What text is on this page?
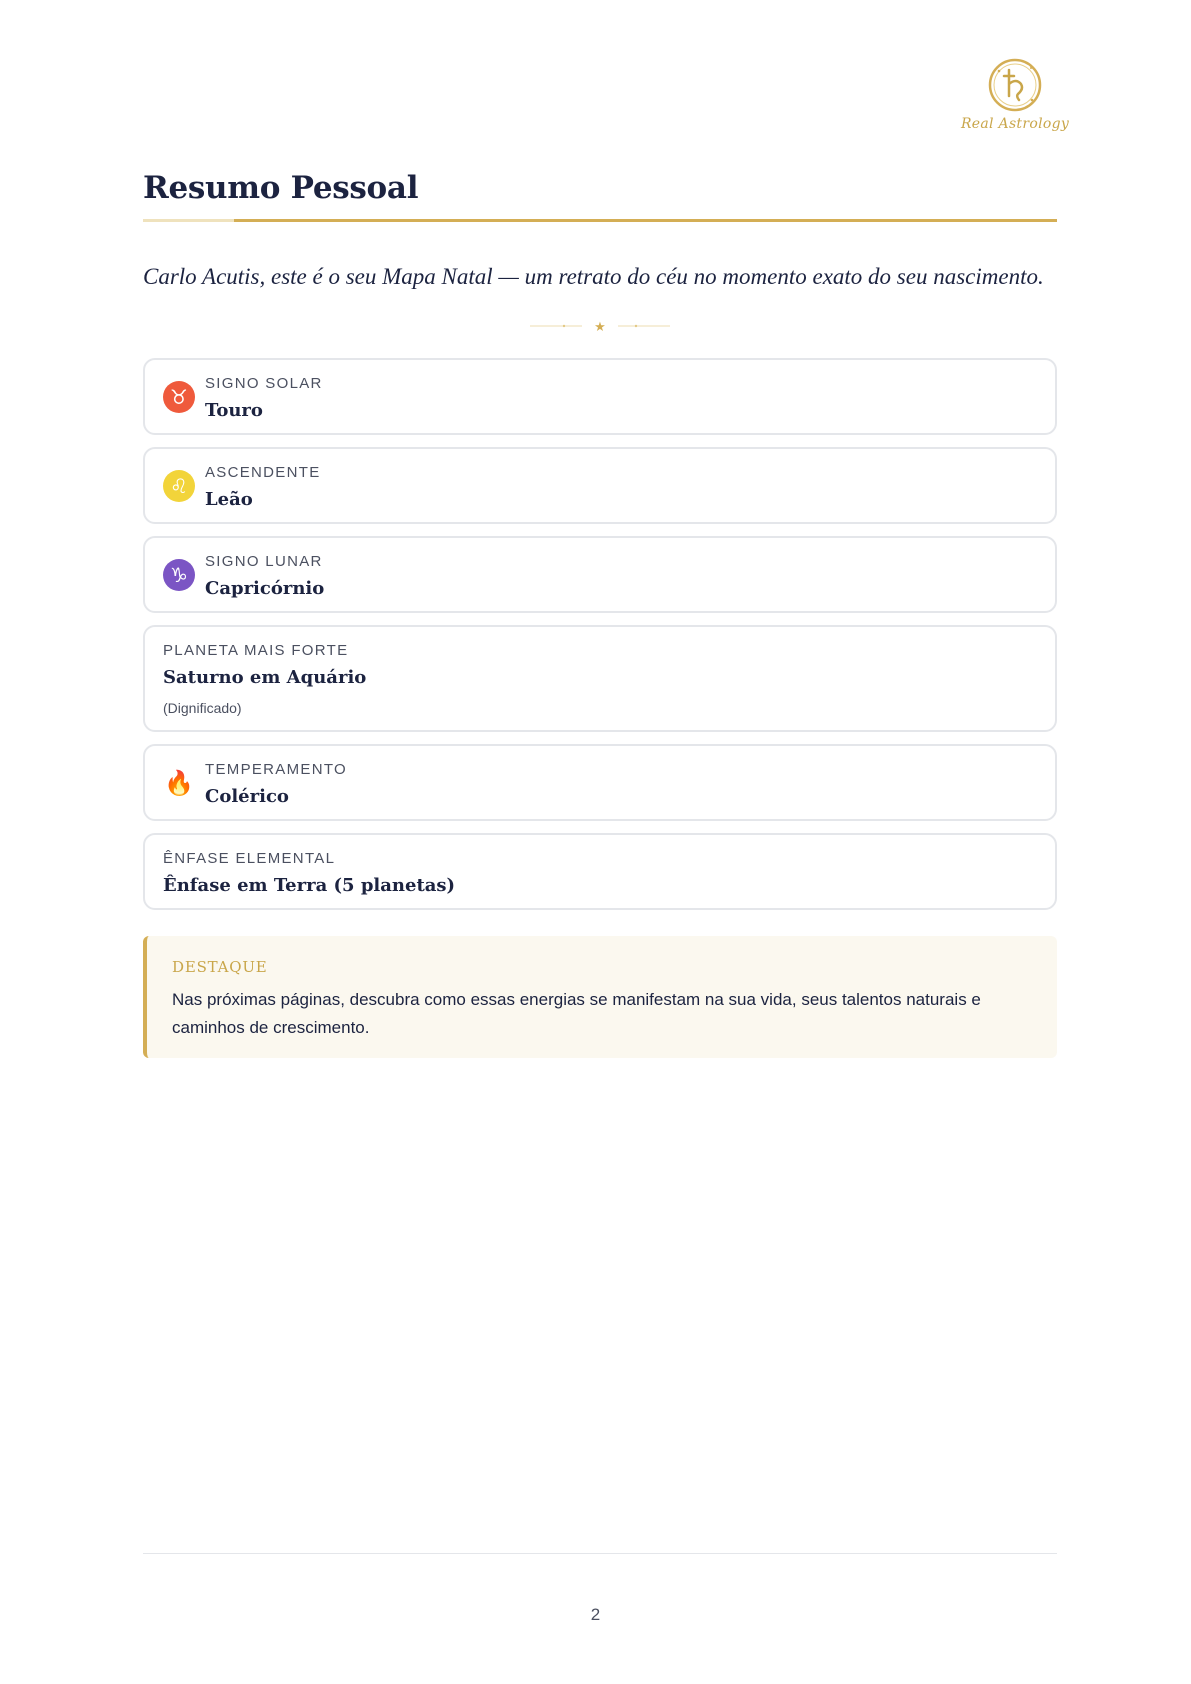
Real Astrology
Resumo Pessoal

Carlo Acutis, este é o seu Mapa Natal — um retrato do céu no momento exato do seu nascimento.

★
♉
SIGNO SOLAR
Touro
♌
ASCENDENTE
Leão
♑
SIGNO LUNAR
Capricórnio
PLANETA MAIS FORTE
Saturno em Aquário
(Dignificado)
🔥 TEMPERAMENTO
Colérico
ÊNFASE ELEMENTAL
Ênfase em Terra (5 planetas)
DESTAQUE
Nas próximas páginas, descubra como essas energias se manifestam na sua vida, seus talentos naturais e caminhos de crescimento.
2
